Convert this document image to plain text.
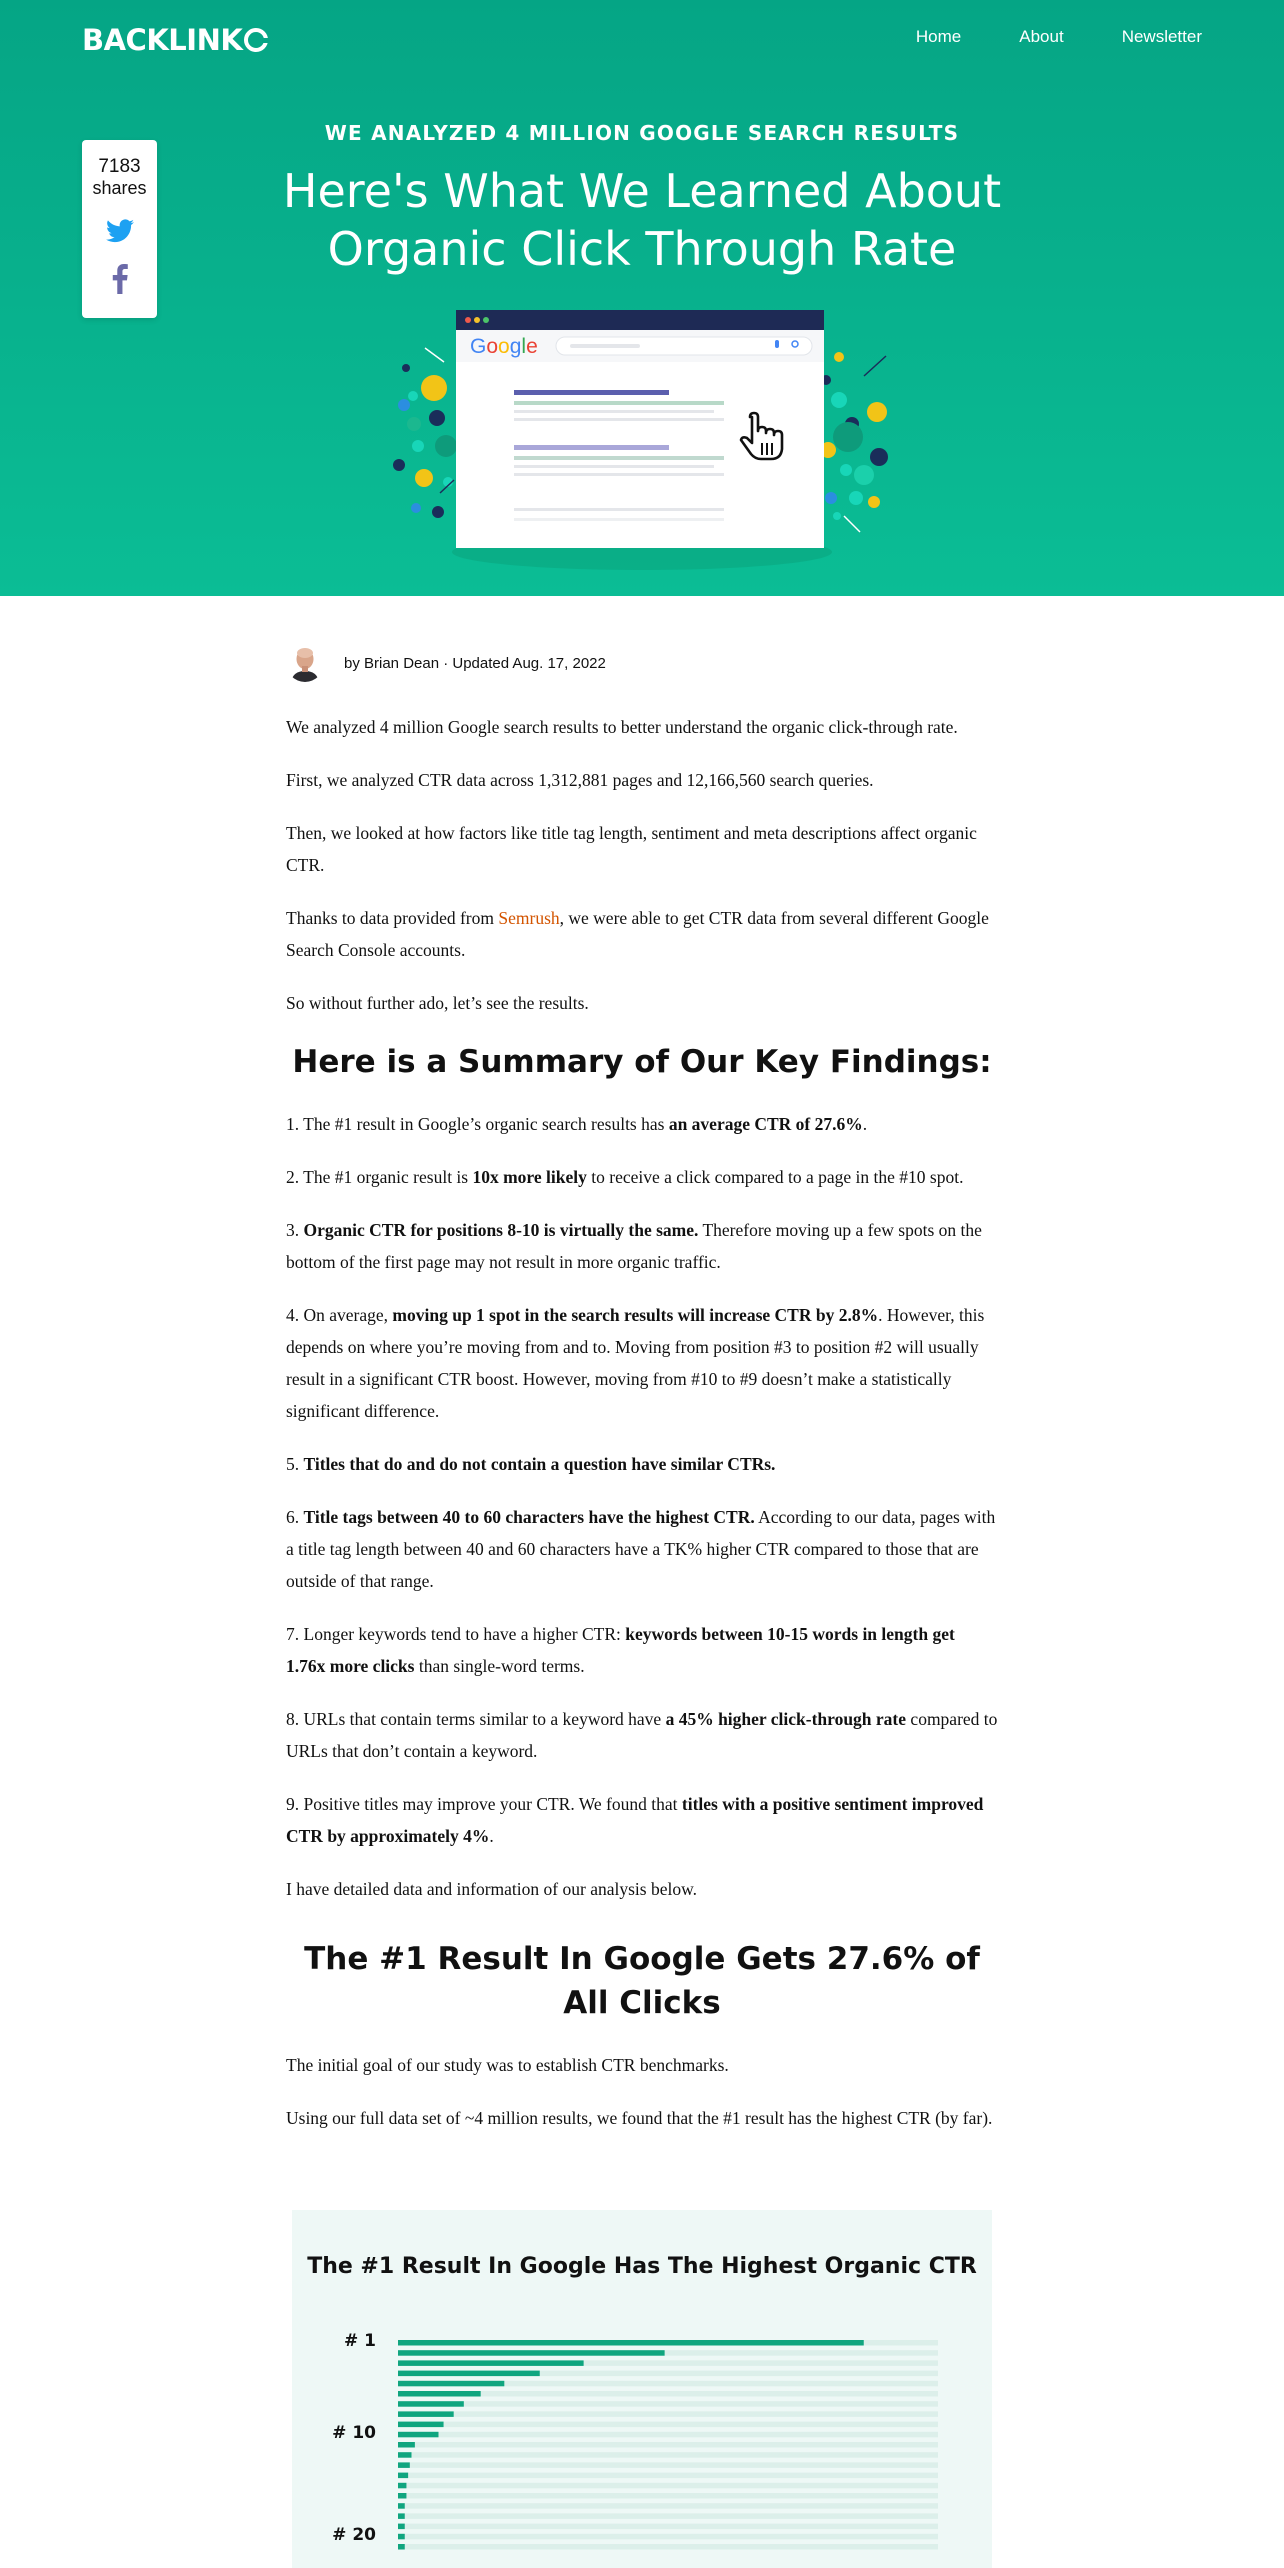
BACKLINK	Home	About	Newsletter
7183
shares
WE ANALYZED 4 MILLION GOOGLE SEARCH RESULTS
Here's What We Learned About Organic Click Through Rate
Google
by Brian Dean · Updated Aug. 17, 2022

We analyzed 4 million Google search results to better understand the organic click-through rate.

First, we analyzed CTR data across 1,312,881 pages and 12,166,560 search queries.

Then, we looked at how factors like title tag length, sentiment and meta descriptions affect organic CTR.

Thanks to data provided from Semrush, we were able to get CTR data from several different Google Search Console accounts.

So without further ado, let’s see the results.

Here is a Summary of Our Key Findings:

1. The #1 result in Google’s organic search results has an average CTR of 27.6%.

2. The #1 organic result is 10x more likely to receive a click compared to a page in the #10 spot.

3. Organic CTR for positions 8-10 is virtually the same. Therefore moving up a few spots on the bottom of the first page may not result in more organic traffic.

4. On average, moving up 1 spot in the search results will increase CTR by 2.8%. However, this depends on where you’re moving from and to. Moving from position #3 to position #2 will usually result in a significant CTR boost. However, moving from #10 to #9 doesn’t make a statistically significant difference.

5. Titles that do and do not contain a question have similar CTRs.

6. Title tags between 40 to 60 characters have the highest CTR. According to our data, pages with a title tag length between 40 and 60 characters have a TK% higher CTR compared to those that are outside of that range.

7. Longer keywords tend to have a higher CTR: keywords between 10-15 words in length get 1.76x more clicks than single-word terms.

8. URLs that contain terms similar to a keyword have a 45% higher click-through rate compared to URLs that don’t contain a keyword.

9. Positive titles may improve your CTR. We found that titles with a positive sentiment improved CTR by approximately 4%.

I have detailed data and information of our analysis below.

The #1 Result In Google Gets 27.6% of All Clicks

The initial goal of our study was to establish CTR benchmarks.

Using our full data set of ~4 million results, we found that the #1 result has the highest CTR (by far).

The #1 Result In Google Has The Highest Organic CTR
# 1
# 10
# 20
